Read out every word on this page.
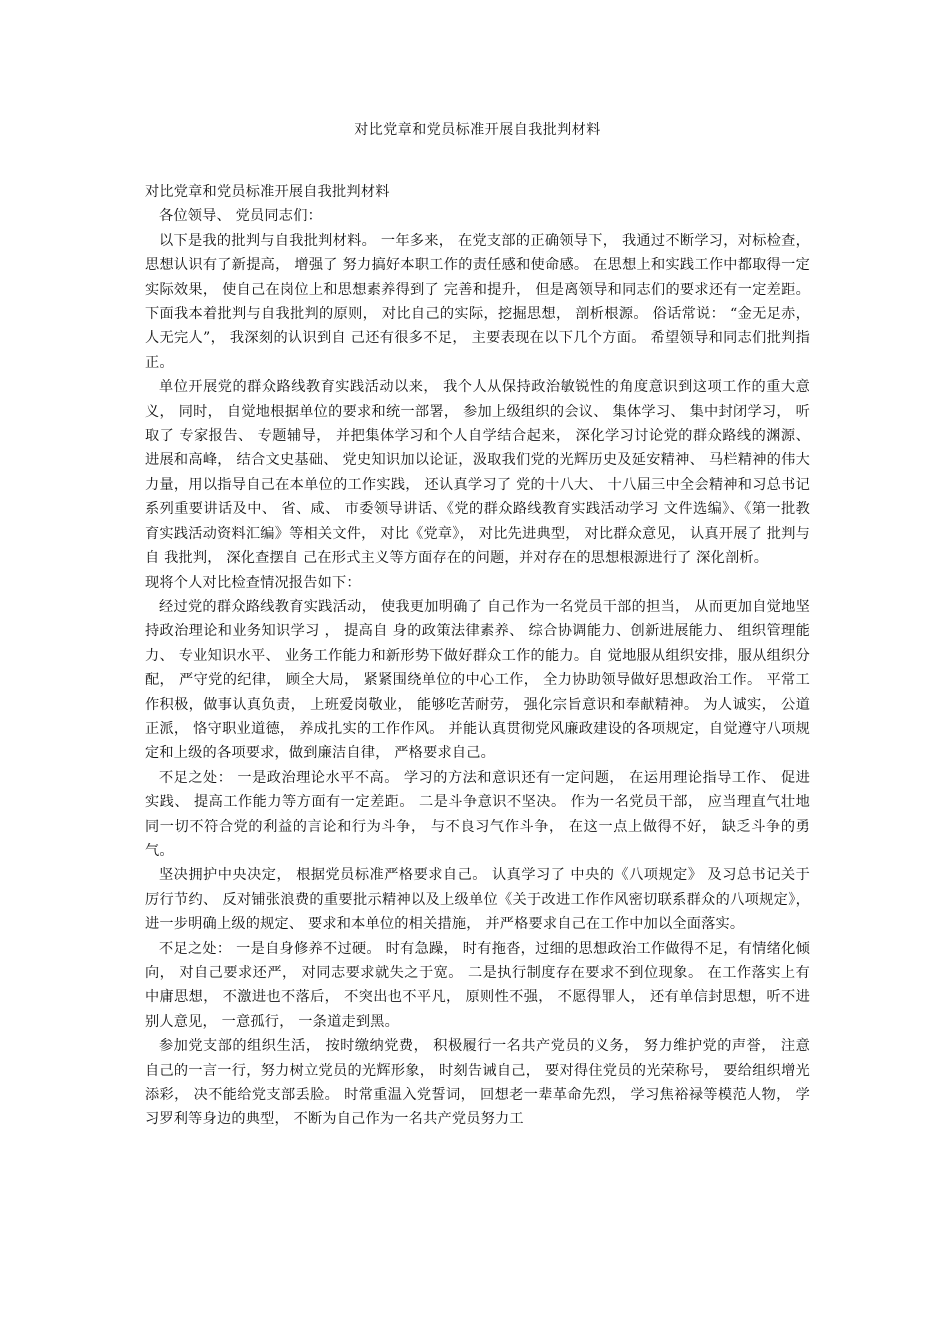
对比党章和党员标准开展自我批判材料

对比党章和党员标准开展自我批判材料

各位领导、 党员同志们：

以下是我的批判与自我批判材料。 一年多来， 在党支部的正确领导下， 我通过不断学习，对标检查， 思想认识有了新提高， 增强了 努力搞好本职工作的责任感和使命感。 在思想上和实践工作中都取得一定实际效果， 使自己在岗位上和思想素养得到了 完善和提升， 但是离领导和同志们的要求还有一定差距。 下面我本着批判与自我批判的原则， 对比自己的实际，挖掘思想， 剖析根源。 俗话常说： “金无足赤， 人无完人”， 我深刻的认识到自 己还有很多不足， 主要表现在以下几个方面。 希望领导和同志们批判指正。

单位开展党的群众路线教育实践活动以来， 我个人从保持政治敏锐性的角度意识到这项工作的重大意义， 同时， 自觉地根据单位的要求和统一部署， 参加上级组织的会议、 集体学习、 集中封闭学习， 听取了 专家报告、 专题辅导， 并把集体学习和个人自学结合起来， 深化学习讨论党的群众路线的渊源、 进展和高峰， 结合文史基础、 党史知识加以论证，汲取我们党的光辉历史及延安精神、 马栏精神的伟大力量，用以指导自己在本单位的工作实践， 还认真学习了 党的十八大、 十八届三中全会精神和习总书记系列重要讲话及中、 省、咸、 市委领导讲话、《党的群众路线教育实践活动学习 文件选编》、《第一批教育实践活动资料汇编》等相关文件， 对比《党章》， 对比先进典型， 对比群众意见， 认真开展了 批判与自 我批判， 深化查摆自 己在形式主义等方面存在的问题，并对存在的思想根源进行了 深化剖析。

现将个人对比检查情况报告如下：

经过党的群众路线教育实践活动， 使我更加明确了 自己作为一名党员干部的担当， 从而更加自觉地坚持政治理论和业务知识学习 ， 提高自 身的政策法律素养、 综合协调能力、创新进展能力、 组织管理能力、 专业知识水平、 业务工作能力和新形势下做好群众工作的能力。自 觉地服从组织安排，服从组织分配， 严守党的纪律， 顾全大局， 紧紧围绕单位的中心工作， 全力协助领导做好思想政治工作。 平常工作积极，做事认真负责， 上班爱岗敬业， 能够吃苦耐劳， 强化宗旨意识和奉献精神。 为人诚实， 公道正派， 恪守职业道德， 养成扎实的工作作风。 并能认真贯彻党风廉政建设的各项规定，自觉遵守八项规定和上级的各项要求，做到廉洁自律， 严格要求自己。

不足之处： 一是政治理论水平不高。 学习的方法和意识还有一定问题， 在运用理论指导工作、 促进实践、 提高工作能力等方面有一定差距。 二是斗争意识不坚决。 作为一名党员干部， 应当理直气壮地同一切不符合党的利益的言论和行为斗争， 与不良习气作斗争， 在这一点上做得不好， 缺乏斗争的勇气。

坚决拥护中央决定， 根据党员标准严格要求自己。 认真学习了 中央的《八项规定》 及习总书记关于厉行节约、 反对铺张浪费的重要批示精神以及上级单位《关于改进工作作风密切联系群众的八项规定》， 进一步明确上级的规定、 要求和本单位的相关措施， 并严格要求自己在工作中加以全面落实。

不足之处： 一是自身修养不过硬。 时有急躁， 时有拖沓，过细的思想政治工作做得不足，有情绪化倾向， 对自己要求还严， 对同志要求就失之于宽。 二是执行制度存在要求不到位现象。 在工作落实上有中庸思想， 不激进也不落后， 不突出也不平凡， 原则性不强， 不愿得罪人， 还有单信封思想，听不进别人意见， 一意孤行， 一条道走到黑。

参加党支部的组织生活， 按时缴纳党费， 积极履行一名共产党员的义务， 努力维护党的声誉， 注意自己的一言一行，努力树立党员的光辉形象， 时刻告诫自己， 要对得住党员的光荣称号， 要给组织增光添彩， 决不能给党支部丢脸。 时常重温入党誓词， 回想老一辈革命先烈， 学习焦裕禄等模范人物， 学习罗利等身边的典型， 不断为自己作为一名共产党员努力工
